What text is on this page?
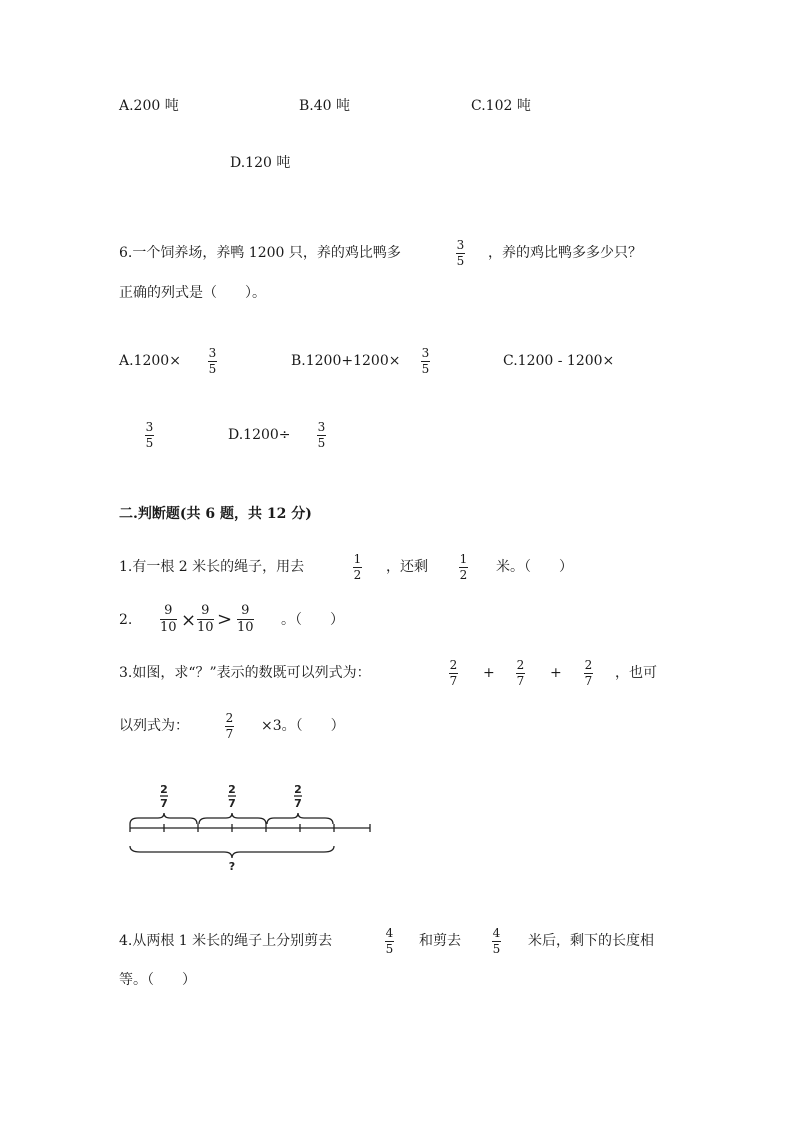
A.200 吨	B.40 吨	C.102 吨
D.120 吨
6.一个饲养场，养鸭 1200 只，养的鸡比鸭多	3
5 ，养的鸡比鸭多多少只？
正确的列式是（　　）。
A.1200× 3
5	B.1200+1200× 3
5	C.1200 - 1200×
3
5	D.1200÷ 3
5
二.判断题(共 6 题，共 12 分)
1.有一根 2 米长的绳子，用去	1
2 ，还剩	1
2 米。（　　）
2.
9
10 × 9
10 > 9
10 。（　　）
3.如图，求“？”表示的数既可以列式为：	2
7 + 2
7 + 2
7 ，也可
以列式为：	2
7 ×3。（　　）
2
7
2
7
2
7
?
4.从两根 1 米长的绳子上分别剪去	4
5 和剪去	4
5 米后，剩下的长度相
等。（　　）
